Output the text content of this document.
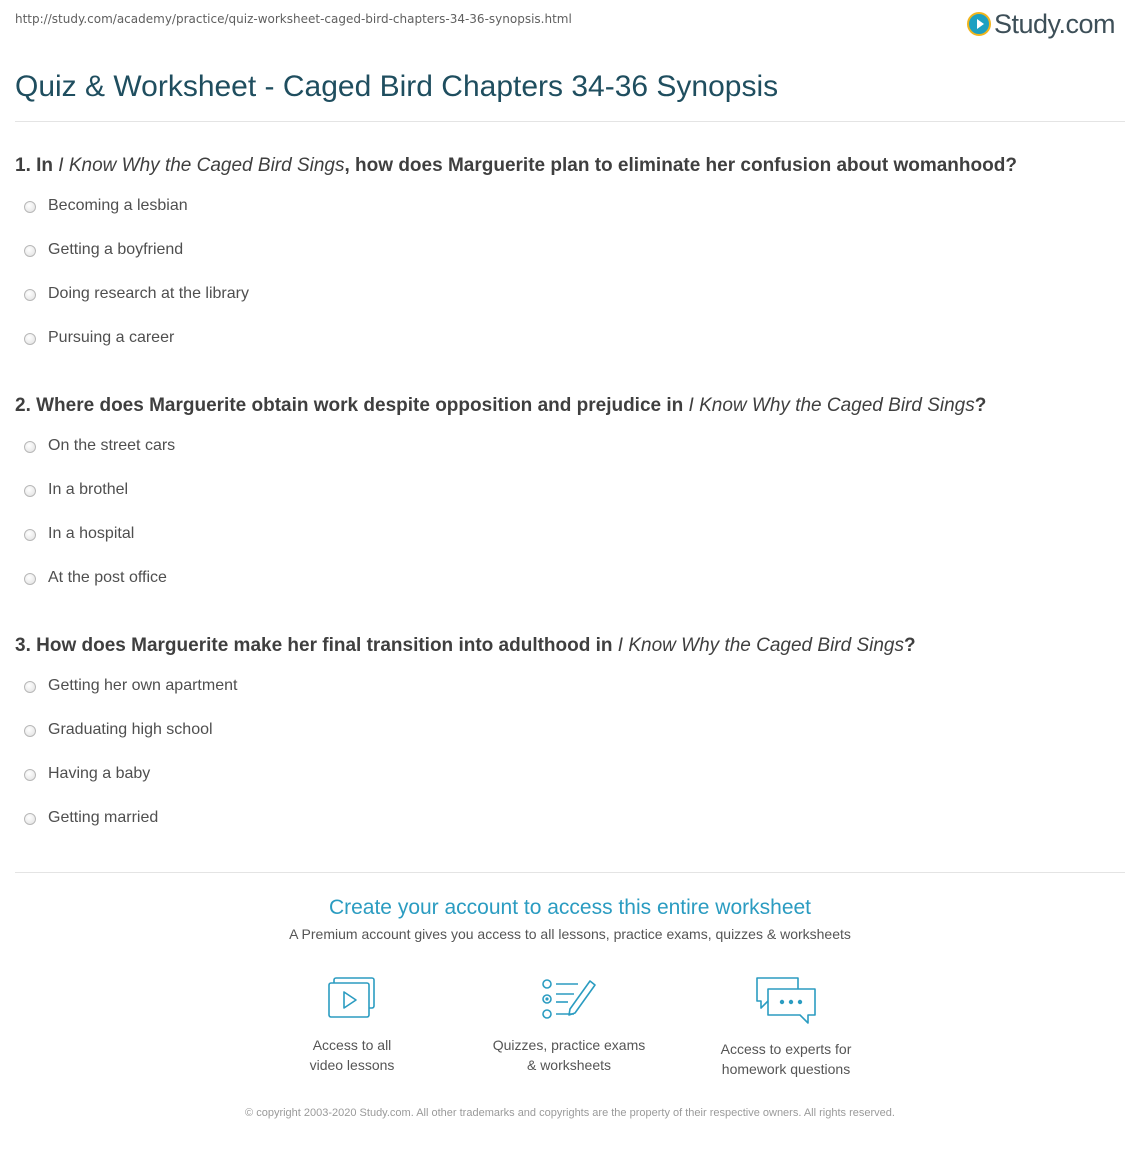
http://study.com/academy/practice/quiz-worksheet-caged-bird-chapters-34-36-synopsis.html	Study.com
Quiz & Worksheet - Caged Bird Chapters 34-36 Synopsis
1. In I Know Why the Caged Bird Sings, how does Marguerite plan to eliminate her confusion about womanhood?
Becoming a lesbian
Getting a boyfriend
Doing research at the library
Pursuing a career
2. Where does Marguerite obtain work despite opposition and prejudice in I Know Why the Caged Bird Sings?
On the street cars
In a brothel
In a hospital
At the post office
3. How does Marguerite make her final transition into adulthood in I Know Why the Caged Bird Sings?
Getting her own apartment
Graduating high school
Having a baby
Getting married
Create your account to access this entire worksheet
A Premium account gives you access to all lessons, practice exams, quizzes & worksheets
Access to all
video lessons
Quizzes, practice exams
& worksheets
Access to experts for
homework questions
© copyright 2003-2020 Study.com. All other trademarks and copyrights are the property of their respective owners. All rights reserved.
